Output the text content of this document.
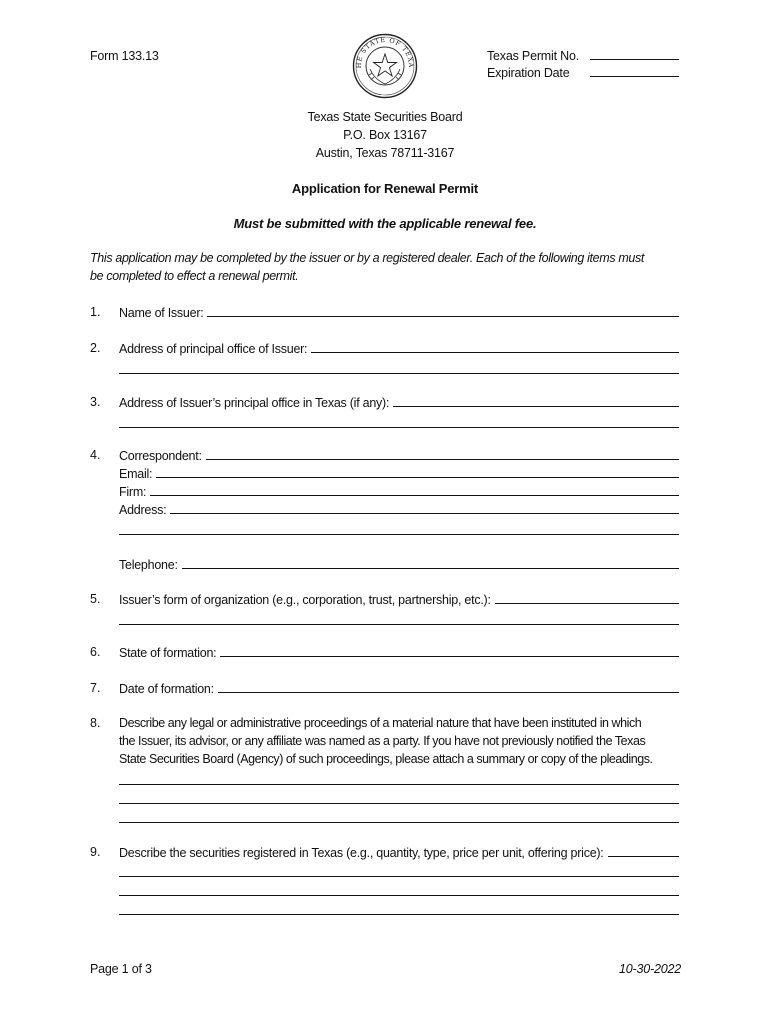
Form 133.13
HE STATE OF TEXA
Texas Permit No.
Expiration Date
Texas State Securities Board
P.O. Box 13167
Austin, Texas 78711-3167
Application for Renewal Permit
Must be submitted with the applicable renewal fee.
This application may be completed by the issuer or by a registered dealer. Each of the following items must
be completed to effect a renewal permit.
1. Name of Issuer:
2. Address of principal office of Issuer:
3. Address of Issuer’s principal office in Texas (if any):
4. Correspondent:
Email:
Firm:
Address:
Telephone:
5. Issuer’s form of organization (e.g., corporation, trust, partnership, etc.):
6. State of formation:
7. Date of formation:
8. Describe any legal or administrative proceedings of a material nature that have been instituted in which
the Issuer, its advisor, or any affiliate was named as a party. If you have not previously notified the Texas
State Securities Board (Agency) of such proceedings, please attach a summary or copy of the pleadings.
9. Describe the securities registered in Texas (e.g., quantity, type, price per unit, offering price):
Page 1 of 3	10-30-2022
